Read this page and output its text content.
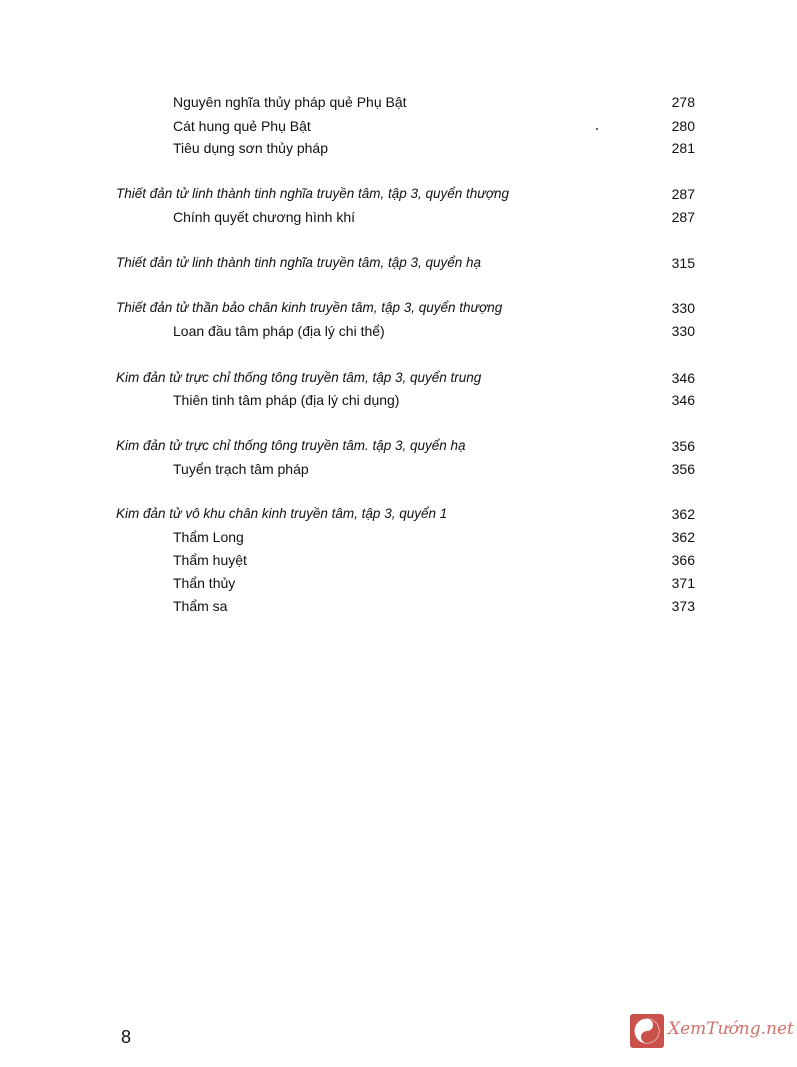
Nguyên nghĩa thủy pháp quẻ Phụ Bật	278
Cát hung quẻ Phụ Bật	280
Tiêu dụng sơn thủy pháp	281
Thiết đản tử linh thành tinh nghĩa truyền tâm, tập 3, quyển thượng	287
Chính quyết chương hình khí	287
Thiết đản tử linh thành tinh nghĩa truyền tâm, tập 3, quyển hạ	315
Thiết đản tử thần bảo chân kinh truyền tâm, tập 3, quyển thượng	330
Loan đầu tâm pháp (địa lý chi thể)	330
Kim đản tử trực chỉ thống tông truyền tâm, tập 3, quyển trung	346
Thiên tinh tâm pháp (địa lý chi dụng)	346
Kim đản tử trực chỉ thống tông truyền tâm. tập 3, quyển hạ	356
Tuyển trạch tâm pháp	356
Kim đản tử vô khu chân kinh truyền tâm, tập 3, quyển 1	362
Thẩm Long	362
Thẩm huyệt	366
Thẩn thủy	371
Thẩm sa	373
8	XemTướng.net
